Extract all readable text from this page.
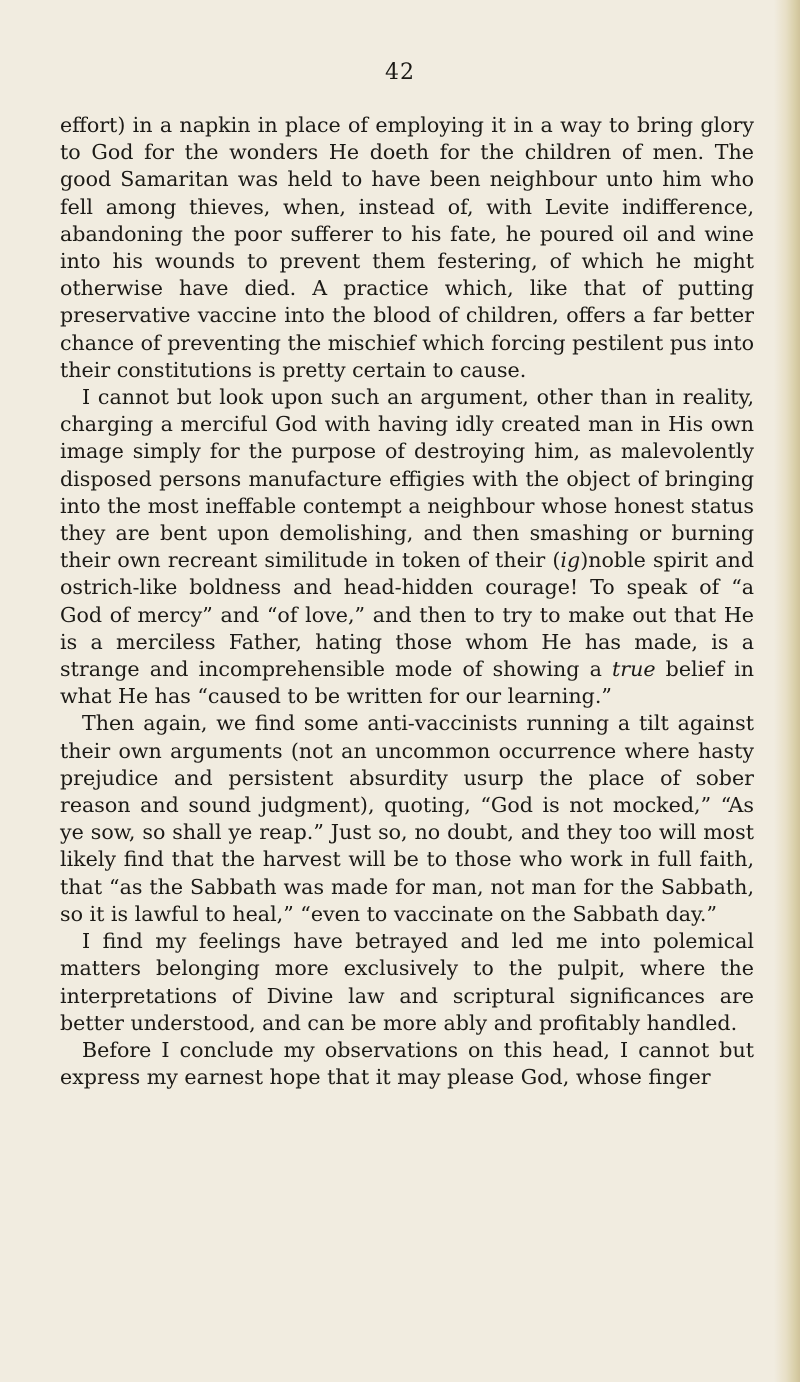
42

effort) in a napkin in place of employing it in a way to bring glory to God for the wonders He doeth for the children of men. The good Samaritan was held to have been neighbour unto him who fell among thieves, when, instead of, with Levite indifference, abandoning the poor sufferer to his fate, he poured oil and wine into his wounds to prevent them festering, of which he might otherwise have died. A practice which, like that of putting preservative vaccine into the blood of children, offers a far better chance of preventing the mischief which forcing pestilent pus into their constitutions is pretty certain to cause.

I cannot but look upon such an argument, other than in reality, charging a merciful God with having idly created man in His own image simply for the purpose of destroying him, as malevolently disposed persons manufacture effigies with the object of bringing into the most ineffable contempt a neighbour whose honest status they are bent upon demolishing, and then smashing or burning their own recreant similitude in token of their (ig)noble spirit and ostrich-like boldness and head-hidden courage! To speak of “a God of mercy” and “of love,” and then to try to make out that He is a merciless Father, hating those whom He has made, is a strange and incomprehensible mode of showing a true belief in what He has “caused to be written for our learning.”

Then again, we find some anti-vaccinists running a tilt against their own arguments (not an uncommon occurrence where hasty prejudice and persistent absurdity usurp the place of sober reason and sound judgment), quoting, “God is not mocked,” “As ye sow, so shall ye reap.” Just so, no doubt, and they too will most likely find that the harvest will be to those who work in full faith, that “as the Sabbath was made for man, not man for the Sabbath, so it is lawful to heal,” “even to vaccinate on the Sabbath day.”

I find my feelings have betrayed and led me into polemical matters belonging more exclusively to the pulpit, where the interpretations of Divine law and scriptural significances are better understood, and can be more ably and profitably handled.

Before I conclude my observations on this head, I cannot but express my earnest hope that it may please God, whose finger
